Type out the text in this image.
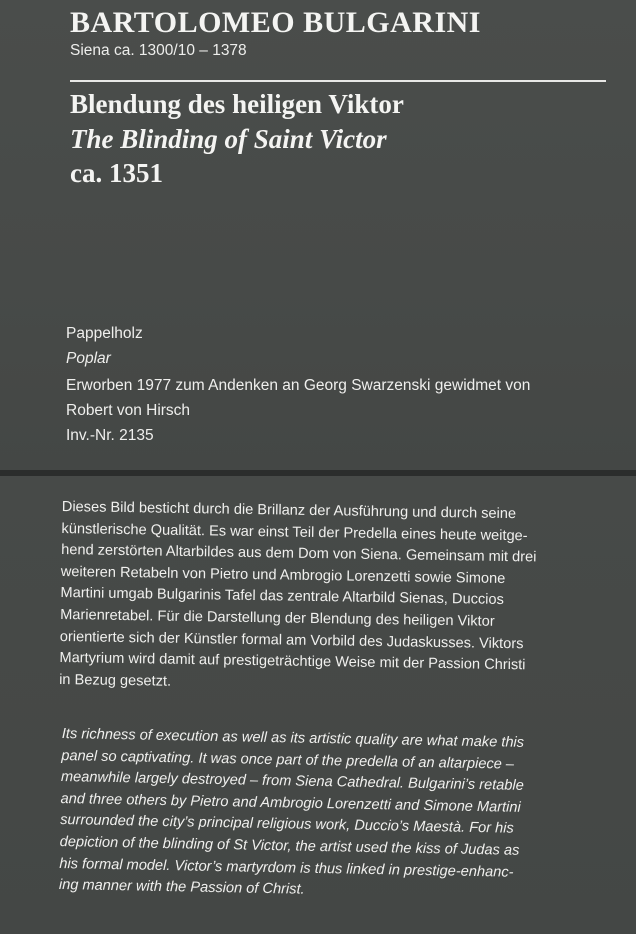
BARTOLOMEO BULGARINI
Siena ca. 1300/10 – 1378
Blendung des heiligen Viktor
The Blinding of Saint Victor
ca. 1351
Pappelholz
Poplar
Erworben 1977 zum Andenken an Georg Swarzenski gewidmet von
Robert von Hirsch
Inv.-Nr. 2135
Dieses Bild besticht durch die Brillanz der Ausführung und durch seine
künstlerische Qualität. Es war einst Teil der Predella eines heute weitge-
hend zerstörten Altarbildes aus dem Dom von Siena. Gemeinsam mit drei
weiteren Retabeln von Pietro und Ambrogio Lorenzetti sowie Simone
Martini umgab Bulgarinis Tafel das zentrale Altarbild Sienas, Duccios
Marienretabel. Für die Darstellung der Blendung des heiligen Viktor
orientierte sich der Künstler formal am Vorbild des Judaskusses. Viktors
Martyrium wird damit auf prestigeträchtige Weise mit der Passion Christi
in Bezug gesetzt.
Its richness of execution as well as its artistic quality are what make this
panel so captivating. It was once part of the predella of an altarpiece –
meanwhile largely destroyed – from Siena Cathedral. Bulgarini’s retable
and three others by Pietro and Ambrogio Lorenzetti and Simone Martini
surrounded the city’s principal religious work, Duccio’s Maestà. For his
depiction of the blinding of St Victor, the artist used the kiss of Judas as
his formal model. Victor’s martyrdom is thus linked in prestige-enhanc-
ing manner with the Passion of Christ.
